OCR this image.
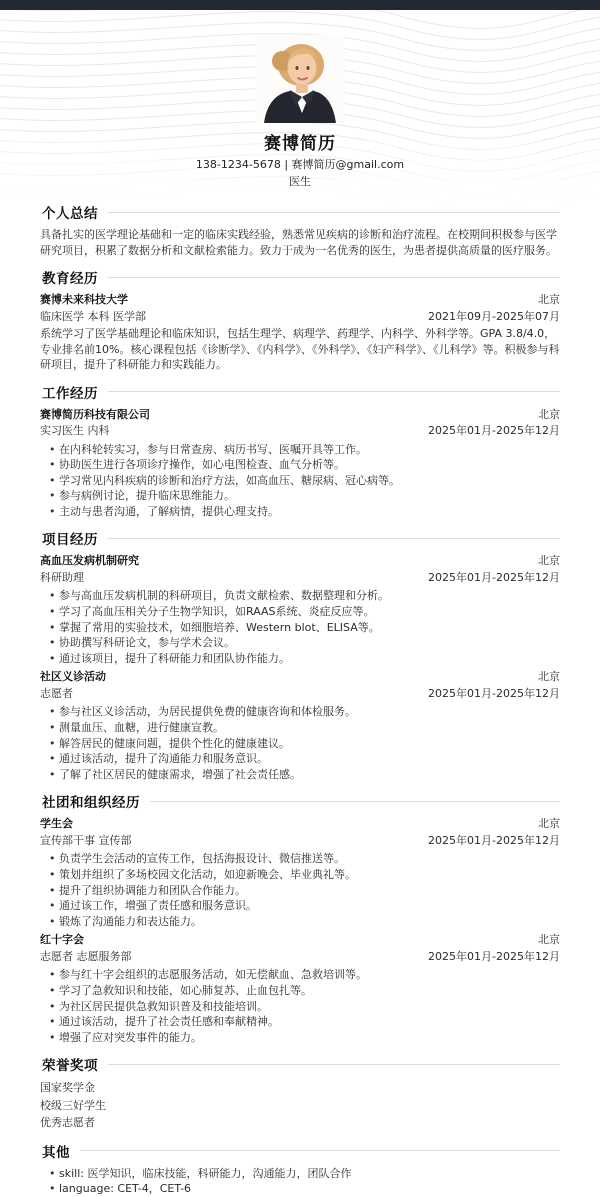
赛博简历
138-1234-5678 | 赛博简历@gmail.com
医生
个人总结

具备扎实的医学理论基础和一定的临床实践经验，熟悉常见疾病的诊断和治疗流程。在校期间积极参与医学研究项目，积累了数据分析和文献检索能力。致力于成为一名优秀的医生，为患者提供高质量的医疗服务。

教育经历
赛博未来科技大学	北京
临床医学 本科 医学部	2021年09月-2025年07月

系统学习了医学基础理论和临床知识，包括生理学、病理学、药理学、内科学、外科学等。GPA 3.8/4.0，专业排名前10%。核心课程包括《诊断学》、《内科学》、《外科学》、《妇产科学》、《儿科学》等。积极参与科研项目，提升了科研能力和实践能力。

工作经历
赛博简历科技有限公司	北京
实习医生 内科	2025年01月-2025年12月
• 在内科轮转实习，参与日常查房、病历书写、医嘱开具等工作。
• 协助医生进行各项诊疗操作，如心电图检查、血气分析等。
• 学习常见内科疾病的诊断和治疗方法，如高血压、糖尿病、冠心病等。
• 参与病例讨论，提升临床思维能力。
• 主动与患者沟通，了解病情，提供心理支持。
项目经历
高血压发病机制研究	北京
科研助理	2025年01月-2025年12月
• 参与高血压发病机制的科研项目，负责文献检索、数据整理和分析。
• 学习了高血压相关分子生物学知识，如RAAS系统、炎症反应等。
• 掌握了常用的实验技术，如细胞培养、Western blot、ELISA等。
• 协助撰写科研论文，参与学术会议。
• 通过该项目，提升了科研能力和团队协作能力。
社区义诊活动	北京
志愿者	2025年01月-2025年12月
• 参与社区义诊活动，为居民提供免费的健康咨询和体检服务。
• 测量血压、血糖，进行健康宣教。
• 解答居民的健康问题，提供个性化的健康建议。
• 通过该活动，提升了沟通能力和服务意识。
• 了解了社区居民的健康需求，增强了社会责任感。
社团和组织经历
学生会	北京
宣传部干事 宣传部	2025年01月-2025年12月
• 负责学生会活动的宣传工作，包括海报设计、微信推送等。
• 策划并组织了多场校园文化活动，如迎新晚会、毕业典礼等。
• 提升了组织协调能力和团队合作能力。
• 通过该工作，增强了责任感和服务意识。
• 锻炼了沟通能力和表达能力。
红十字会	北京
志愿者 志愿服务部	2025年01月-2025年12月
• 参与红十字会组织的志愿服务活动，如无偿献血、急救培训等。
• 学习了急救知识和技能，如心肺复苏、止血包扎等。
• 为社区居民提供急救知识普及和技能培训。
• 通过该活动，提升了社会责任感和奉献精神。
• 增强了应对突发事件的能力。
荣誉奖项
国家奖学金
校级三好学生
优秀志愿者
其他
• skill: 医学知识，临床技能，科研能力，沟通能力，团队合作
• language: CET-4，CET-6
